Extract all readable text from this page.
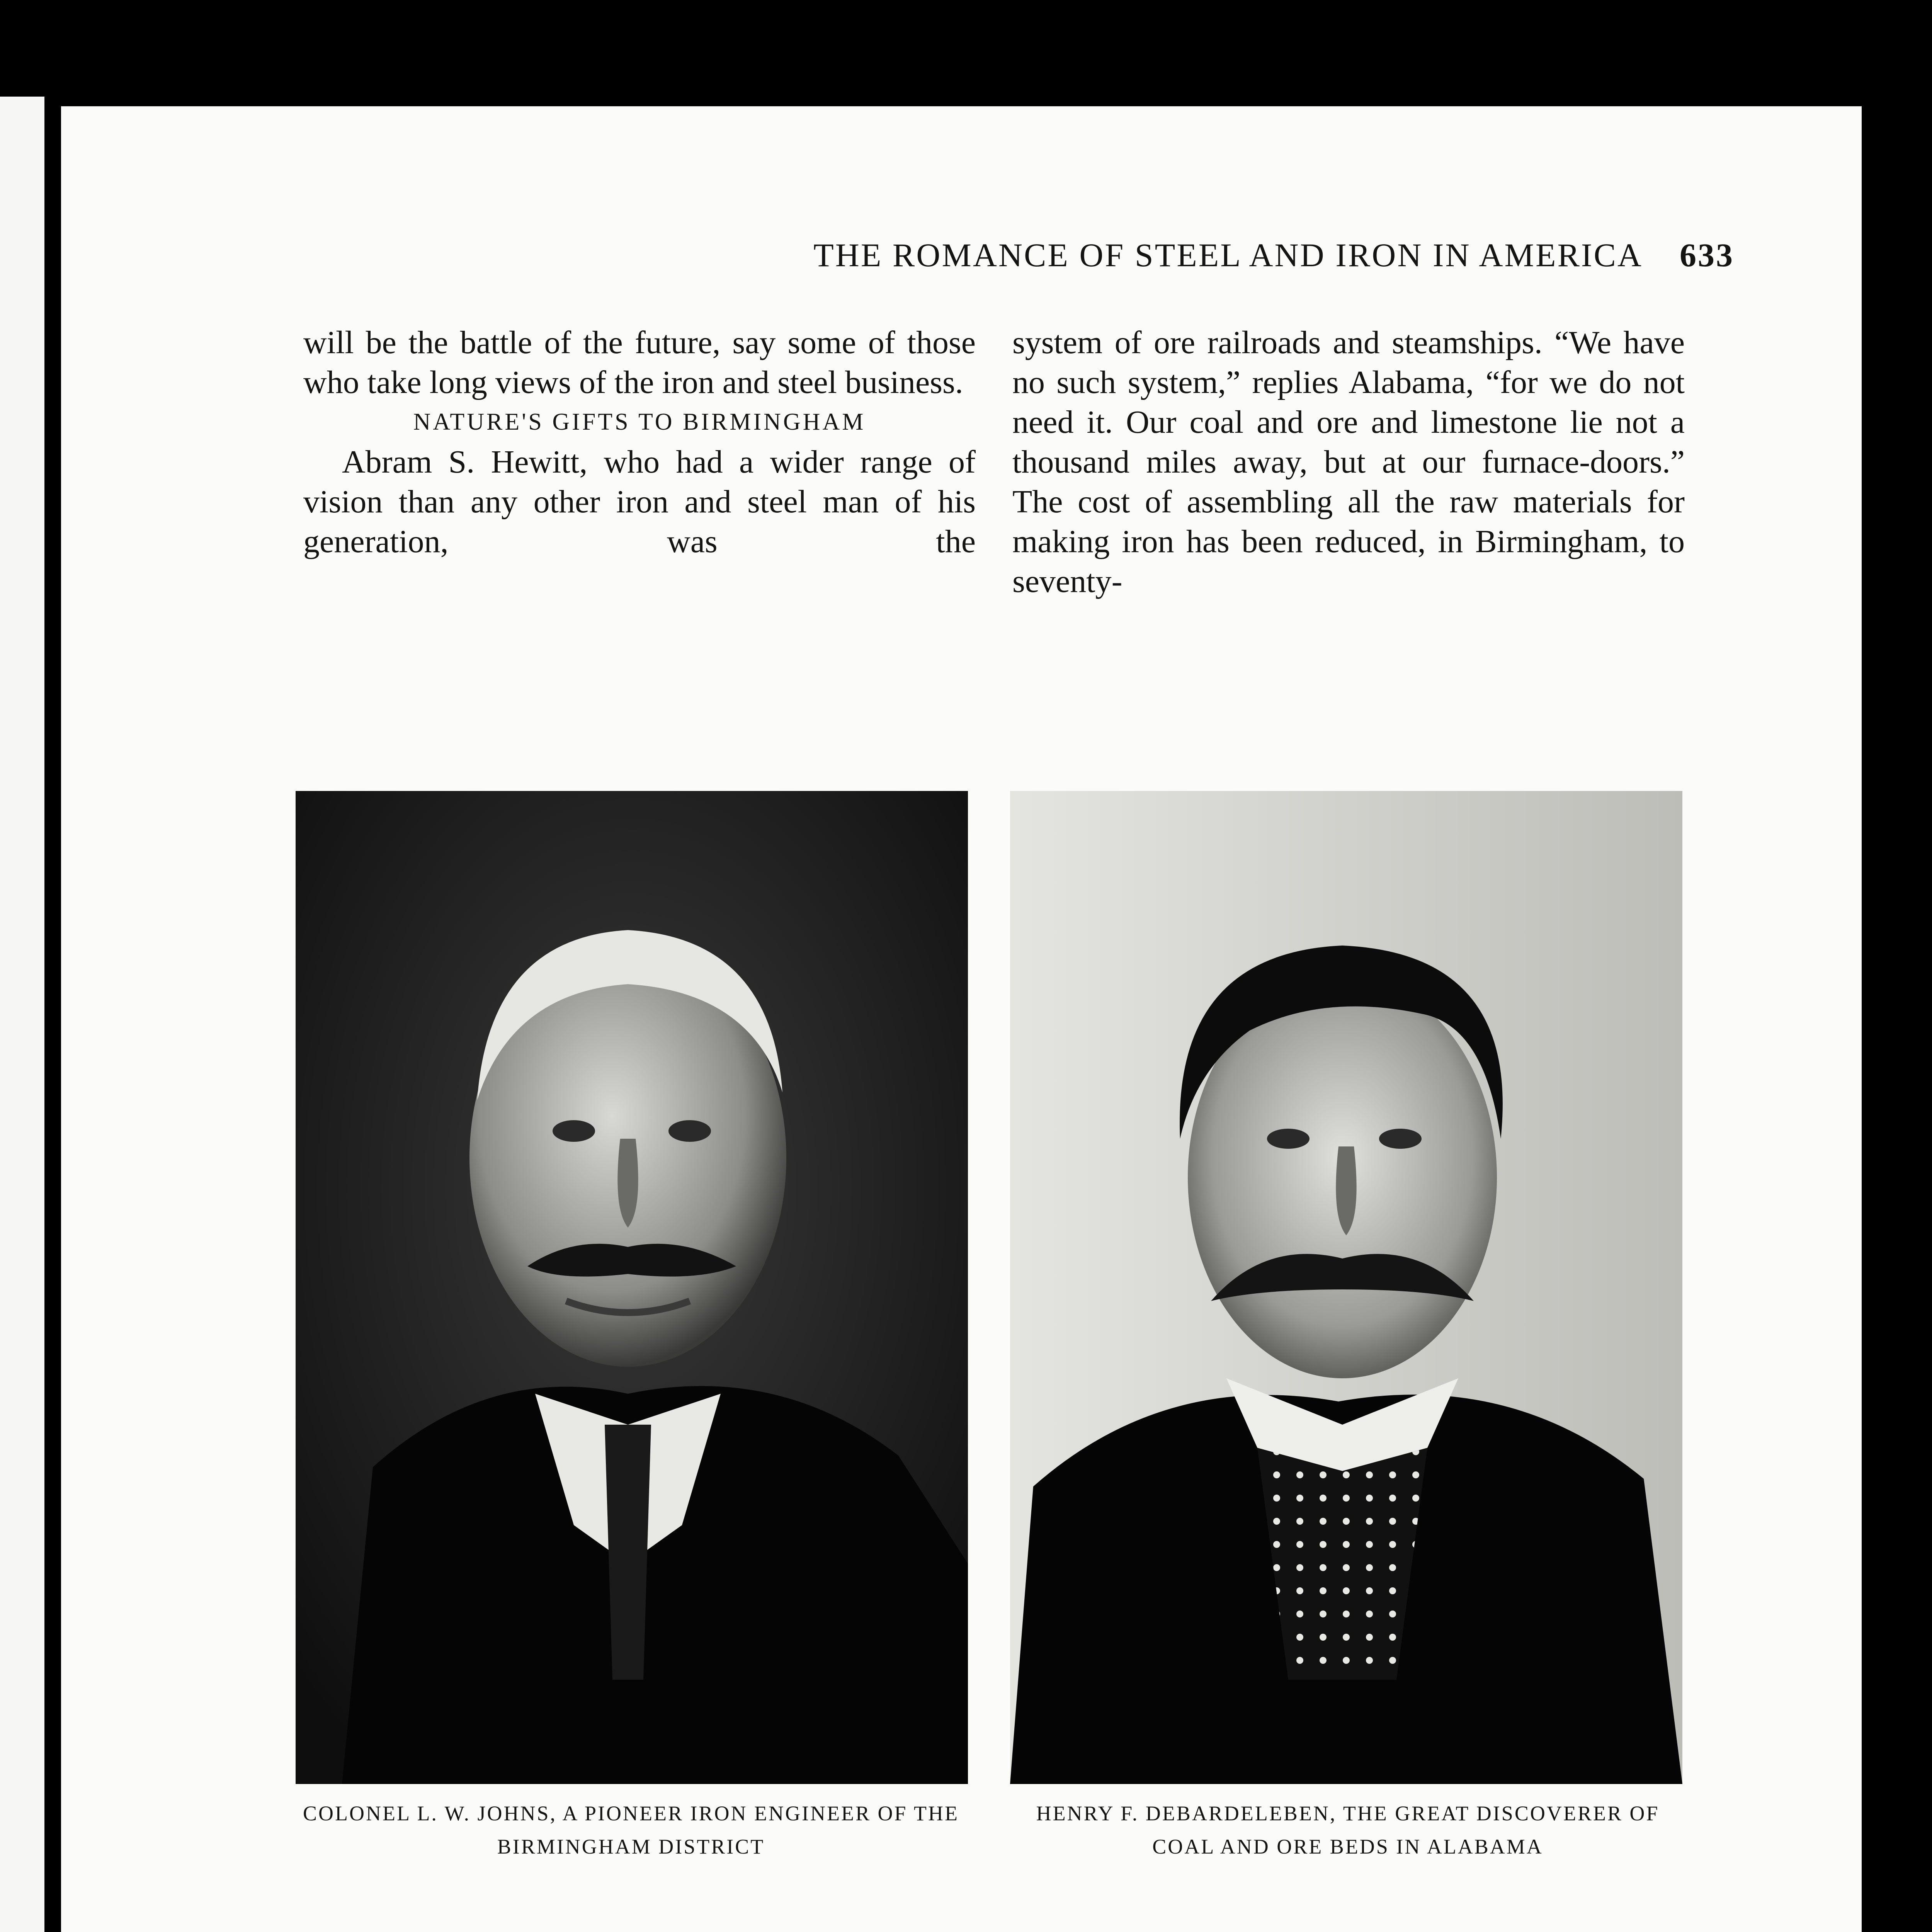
THE ROMANCE OF STEEL AND IRON IN AMERICA 633

will be the battle of the future, say some of those who take long views of the iron and steel business.

NATURE'S GIFTS TO BIRMINGHAM

Abram S. Hewitt, who had a wider range of vision than any other iron and steel man of his generation, was the

system of ore railroads and steamships. “We have no such system,” replies Alabama, “for we do not need it. Our coal and ore and limestone lie not a thousand miles away, but at our furnace-doors.” The cost of assembling all the raw materials for making iron has been reduced, in Birmingham, to seventy-

COLONEL L. W. JOHNS, A PIONEER IRON ENGINEER OF THE BIRMINGHAM DISTRICT
HENRY F. DEBARDELEBEN, THE GREAT DISCOVERER OF COAL AND ORE BEDS IN ALABAMA
